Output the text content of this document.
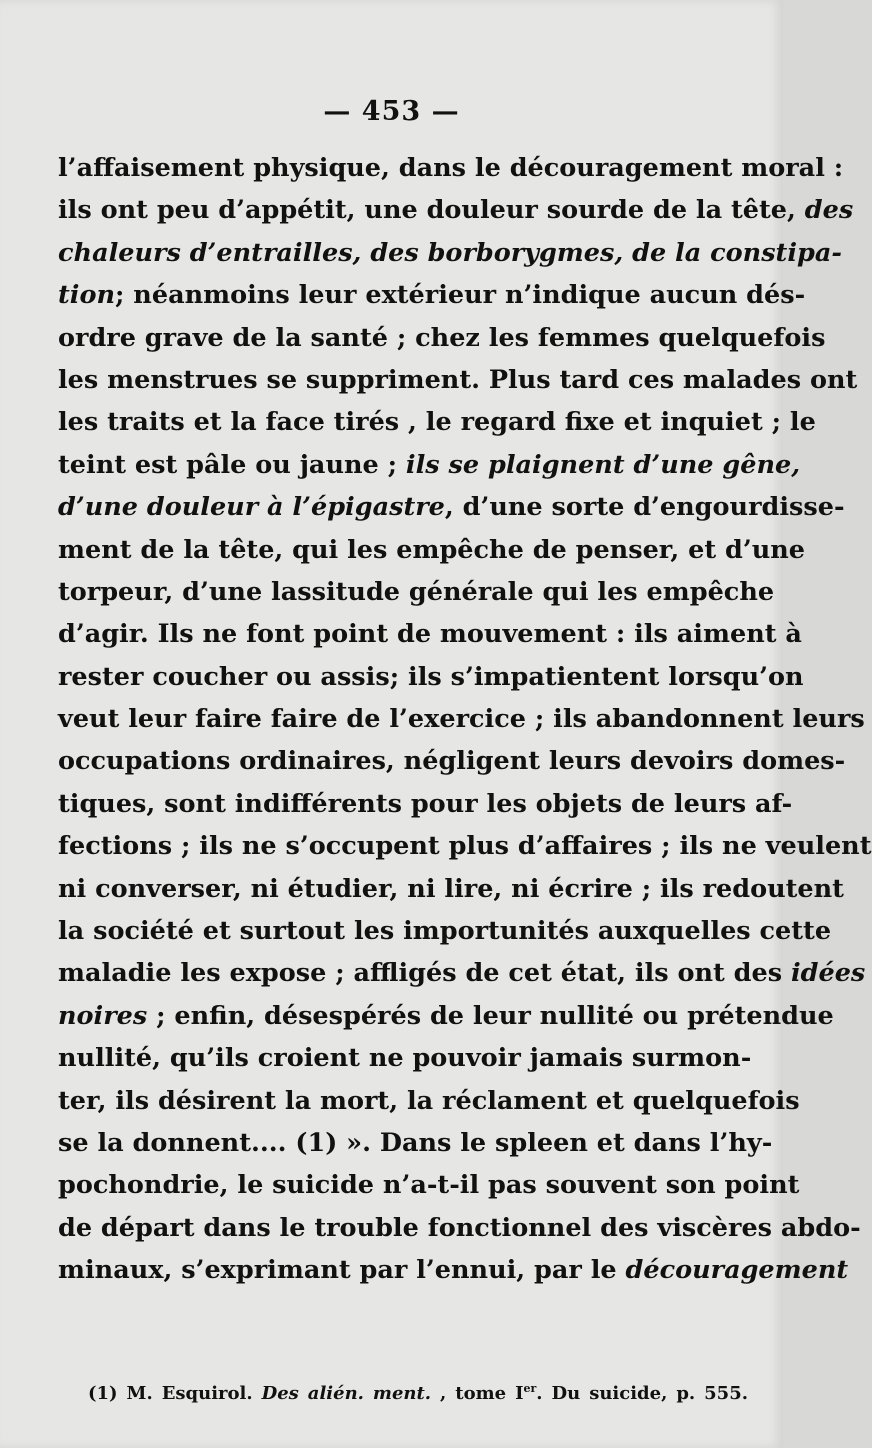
— 453 —
l’affaisement physique, dans le découragement moral :
ils ont peu d’appétit, une douleur sourde de la tête, des
chaleurs d’entrailles, des borborygmes, de la constipa-
tion; néanmoins leur extérieur n’indique aucun dés-
ordre grave de la santé ; chez les femmes quelquefois
les menstrues se suppriment. Plus tard ces malades ont
les traits et la face tirés , le regard fixe et inquiet ; le
teint est pâle ou jaune ; ils se plaignent d’une gêne,
d’une douleur à l’épigastre, d’une sorte d’engourdisse-
ment de la tête, qui les empêche de penser, et d’une
torpeur, d’une lassitude générale qui les empêche
d’agir. Ils ne font point de mouvement : ils aiment à
rester coucher ou assis; ils s’impatientent lorsqu’on
veut leur faire faire de l’exercice ; ils abandonnent leurs
occupations ordinaires, négligent leurs devoirs domes-
tiques, sont indifférents pour les objets de leurs af-
fections ; ils ne s’occupent plus d’affaires ; ils ne veulent
ni converser, ni étudier, ni lire, ni écrire ; ils redoutent
la société et surtout les importunités auxquelles cette
maladie les expose ; affligés de cet état, ils ont des idées
noires ; enfin, désespérés de leur nullité ou prétendue
nullité, qu’ils croient ne pouvoir jamais surmon-
ter, ils désirent la mort, la réclament et quelquefois
se la donnent.... (1) ». Dans le spleen et dans l’hy-
pochondrie, le suicide n’a-t-il pas souvent son point
de départ dans le trouble fonctionnel des viscères abdo-
minaux, s’exprimant par l’ennui, par le découragement
(1) M. Esquirol. Des alién. ment. , tome Ier. Du suicide, p. 555.
